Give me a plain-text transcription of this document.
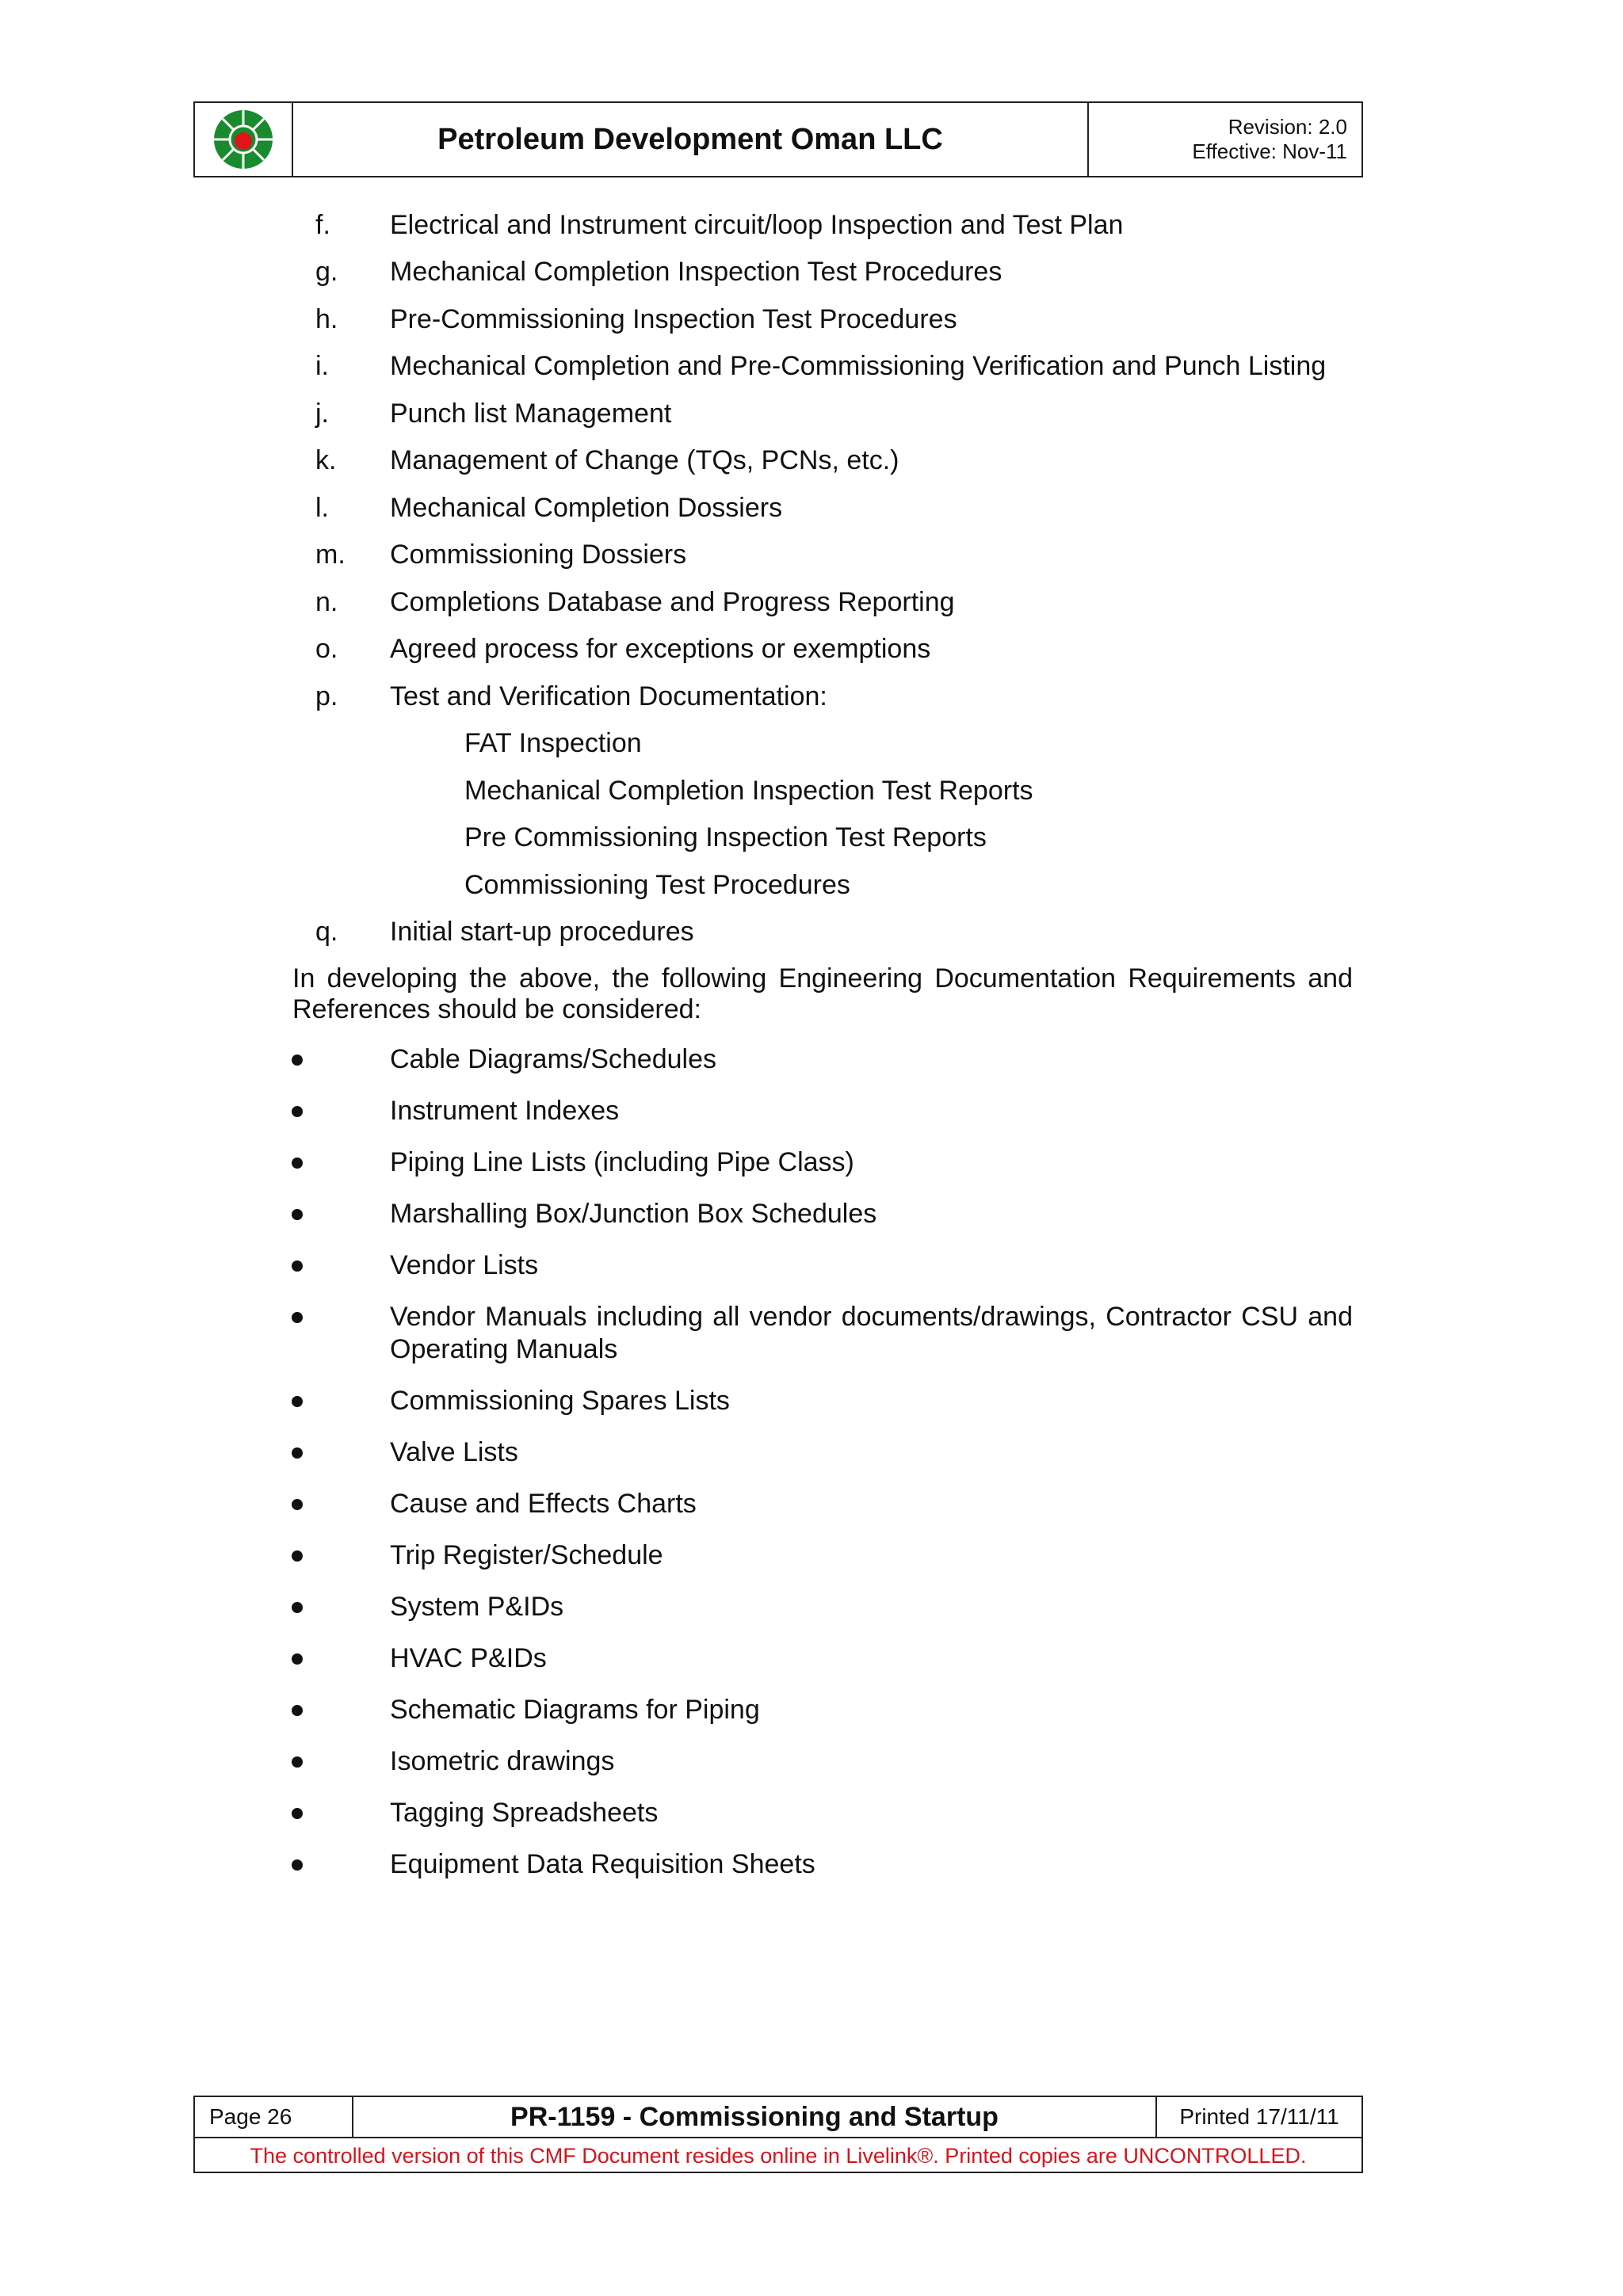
Petroleum Development Oman LLC	Revision: 2.0
Effective: Nov-11
f. Electrical and Instrument circuit/loop Inspection and Test Plan
g. Mechanical Completion Inspection Test Procedures
h. Pre-Commissioning Inspection Test Procedures
i. Mechanical Completion and Pre-Commissioning Verification and Punch Listing
j. Punch list Management
k. Management of Change (TQs, PCNs, etc.)
l. Mechanical Completion Dossiers
m. Commissioning Dossiers
n. Completions Database and Progress Reporting
o. Agreed process for exceptions or exemptions
p. Test and Verification Documentation:
FAT Inspection
Mechanical Completion Inspection Test Reports
Pre Commissioning Inspection Test Reports
Commissioning Test Procedures
q. Initial start-up procedures
In developing the above, the following Engineering Documentation Requirements and References should be considered:
Cable Diagrams/Schedules
Instrument Indexes
Piping Line Lists (including Pipe Class)
Marshalling Box/Junction Box Schedules
Vendor Lists
Vendor Manuals including all vendor documents/drawings, Contractor CSU and Operating Manuals
Commissioning Spares Lists
Valve Lists
Cause and Effects Charts
Trip Register/Schedule
System P&IDs
HVAC P&IDs
Schematic Diagrams for Piping
Isometric drawings
Tagging Spreadsheets
Equipment Data Requisition Sheets
Page 26	PR-1159 - Commissioning and Startup	Printed 17/11/11
The controlled version of this CMF Document resides online in Livelink®. Printed copies are UNCONTROLLED.
